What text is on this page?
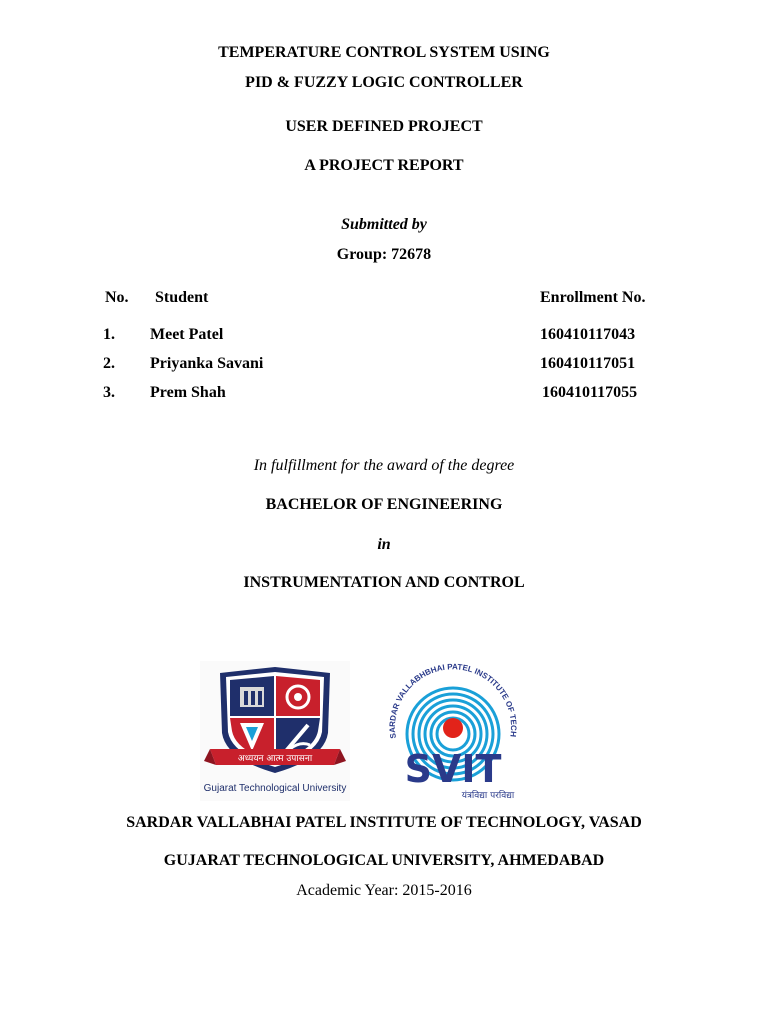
TEMPERATURE CONTROL SYSTEM USING
PID & FUZZY LOGIC CONTROLLER
USER DEFINED PROJECT
A PROJECT REPORT
Submitted by
Group: 72678
No. Student	Enrollment No.
1. Meet Patel	160410117043
2. Priyanka Savani	160410117051
3. Prem Shah	160410117055
In fulfillment for the award of the degree
BACHELOR OF ENGINEERING
in
INSTRUMENTATION AND CONTROL
अध्ययन आत्म उपासना
Gujarat Technological University
SARDAR VALLABHBHAI PATEL INSTITUTE OF TECH
SVIT
यंत्रविद्या परविद्या
SARDAR VALLABHAI PATEL INSTITUTE OF TECHNOLOGY, VASAD
GUJARAT TECHNOLOGICAL UNIVERSITY, AHMEDABAD
Academic Year: 2015-2016
